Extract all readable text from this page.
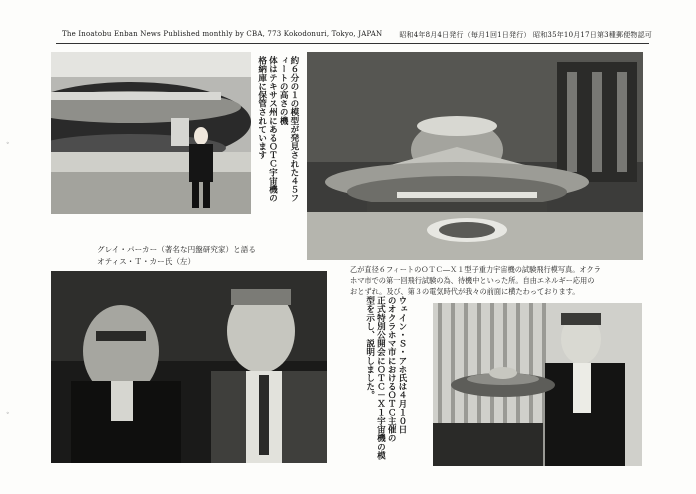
The Inoatobu Enban News Published monthly by CBA, 773 Kokodonuri, Tokyo, JAPAN 昭和4年8月4日発行（毎月1回1日発行） 昭和35年10月17日第3種郵便物認可
約６分の１の模型が発見された４５フィートの高さの機
体はテキサス州にあるＯＴＣ宇宙機の格納庫に保管されています
グレイ・パーカー（著名な円盤研究家）と語る
オティス・Ｔ・カー氏（左）
乙が直径６フィートのＯＴＣ―Ｘ１型子重力宇宙機の試験飛行模写真。オクラ
ホマ市での第一回飛行試験の為、待機中といった所。自由エネルギー応用の
おとずれ。及び、第３の電気時代が我々の前面に横たわっております。
ウェイン・Ｓ・アホ氏は４月１０日
のオクラホマ市におけるＯＴＣ主催の
正式特別公開会にＯＴＣ－Ｘ１宇宙機の模
型を示し、説明しました。
◦
◦
